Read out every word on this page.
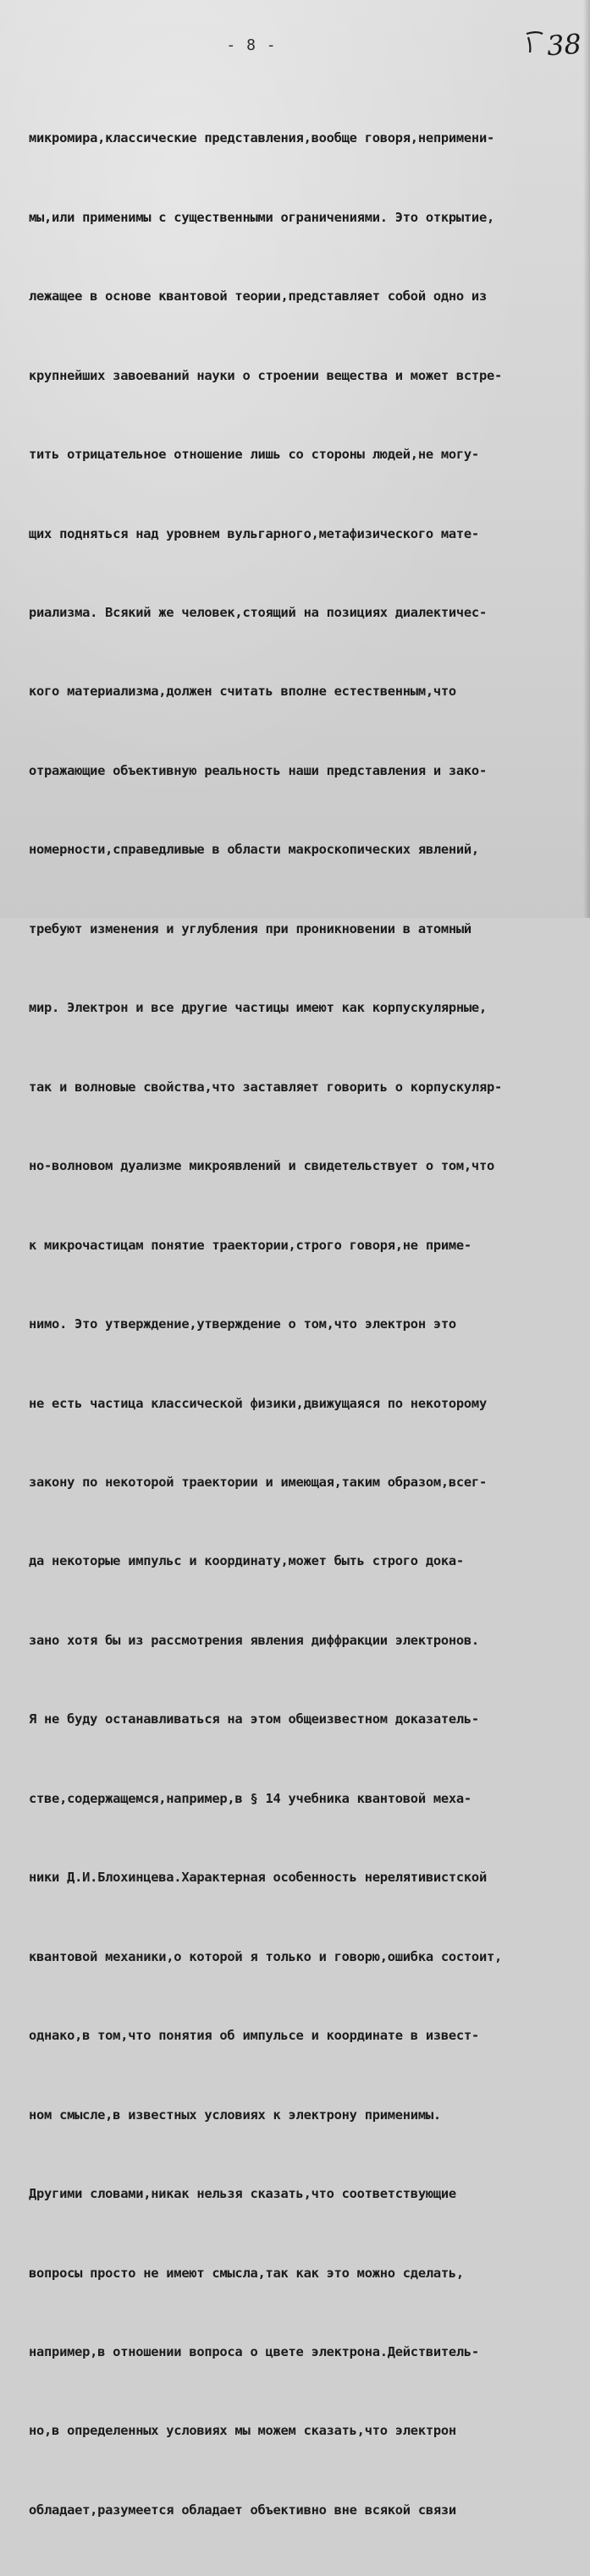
- 8 -	38

микромира,классические представления,вообще говоря,непримени-

мы,или применимы с существенными ограничениями. Это открытие,

лежащее в основе квантовой теории,представляет собой одно из

крупнейших завоеваний науки о строении вещества и может встре-

тить отрицательное отношение лишь со стороны людей,не могу-

щих подняться над уровнем вульгарного,метафизического мате-

риализма. Всякий же человек,стоящий на позициях диалектичес-

кого материализма,должен считать вполне естественным,что

отражающие объективную реальность наши представления и зако-

номерности,справедливые в области макроскопических явлений,

требуют изменения и углубления при проникновении в атомный

мир. Электрон и все другие частицы имеют как корпускулярные,

так и волновые свойства,что заставляет говорить о корпускуляр-

но-волновом дуализме микроявлений и свидетельствует о том,что

к микрочастицам понятие траектории,строго говоря,не приме-

нимо. Это утверждение,утверждение о том,что электрон это

не есть частица классической физики,движущаяся по некоторому

закону по некоторой траектории и имеющая,таким образом,всег-

да некоторые импульс и координату,может быть строго дока-

зано хотя бы из рассмотрения явления диффракции электронов.

Я не буду останавливаться на этом общеизвестном доказатель-

стве,содержащемся,например,в § 14 учебника квантовой меха-

ники Д.И.Блохинцева.Характерная особенность нерелятивистской

квантовой механики,о которой я только и говорю,ошибка состоит,

однако,в том,что понятия об импульсе и координате в извест-

ном смысле,в известных условиях к электрону применимы.

Другими словами,никак нельзя сказать,что соответствующие

вопросы просто не имеют смысла,так как это можно сделать,

например,в отношении вопроса о цвете электрона.Действитель-

но,в определенных условиях мы можем сказать,что электрон

обладает,разумеется обладает объективно вне всякой связи
